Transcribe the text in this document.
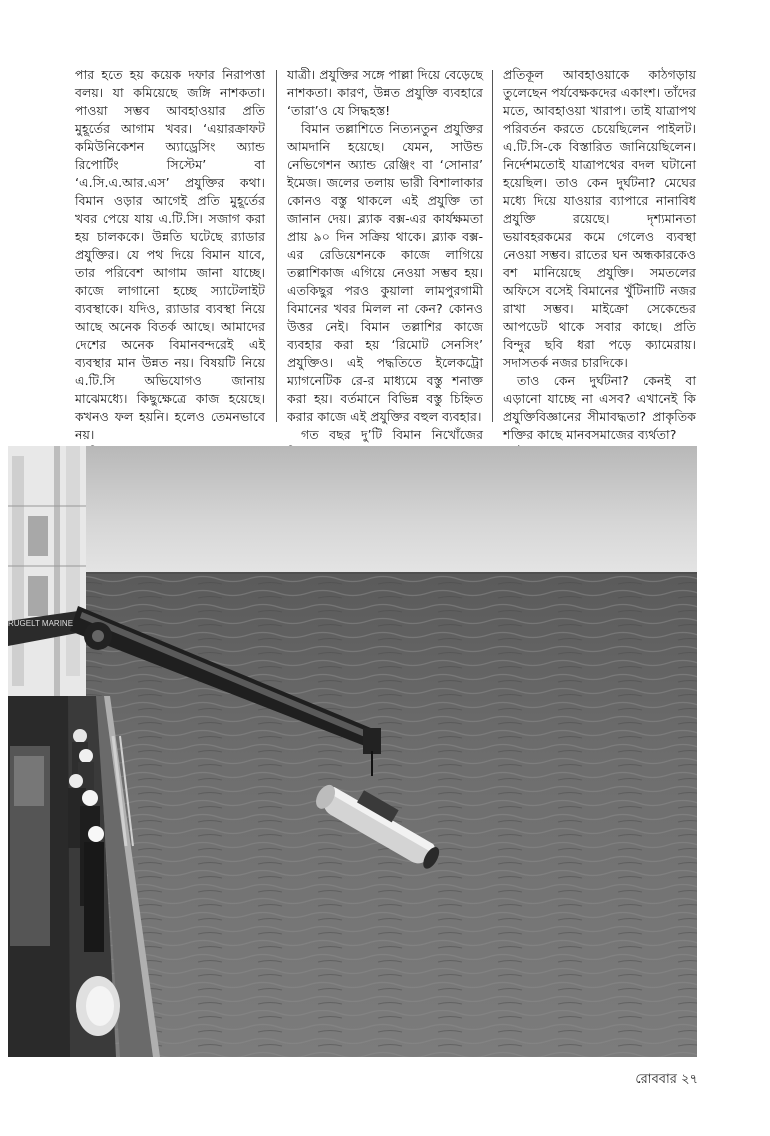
পার হতে হয় কয়েক দফার নিরাপত্তা বলয়। যা কমিয়েছে জঙ্গি নাশকতা। পাওয়া সম্ভব আবহাওয়ার প্রতি মুহূর্তের আগাম খবর। ‘এয়ারক্রাফট কমিউনিকেশন অ্যাড্রেসিং অ্যান্ড রিপোর্টিং সিস্টেম’ বা ‘এ.সি.এ.আর.এস’ প্রযুক্তির কথা। বিমান ওড়ার আগেই প্রতি মুহূর্তের খবর পেয়ে যায় এ.টি.সি। সজাগ করা হয় চালককে। উন্নতি ঘটেছে র‌্যাডার প্রযুক্তির। যে পথ দিয়ে বিমান যাবে, তার পরিবেশ আগাম জানা যাচ্ছে। কাজে লাগানো হচ্ছে স্যাটেলাইট ব্যবস্থাকে। যদিও, র‌্যাডার ব্যবস্থা নিয়ে আছে অনেক বিতর্ক আছে। আমাদের দেশের অনেক বিমানবন্দরেই এই ব্যবস্থার মান উন্নত নয়। বিষয়টি নিয়ে এ.টি.সি অভিযোগও জানায় মাঝেমধ্যে। কিছুক্ষেত্রে কাজ হয়েছে। কখনও ফল হয়নি। হলেও তেমনভাবে নয়।

যাত্রী। প্রযুক্তির সঙ্গে পাল্লা দিয়ে বেড়েছে নাশকতা। কারণ, উন্নত প্রযুক্তি ব্যবহারে ‘তারা’ও যে সিদ্ধহস্ত!

বিমান তল্লাশিতে নিত্যনতুন প্রযুক্তির আমদানি হয়েছে। যেমন, সাউন্ড নেভিগেশন অ্যান্ড রেঞ্জিং বা ‘সোনার’ ইমেজ। জলের তলায় ভারী বিশালাকার কোনও বস্তু থাকলে এই প্রযুক্তি তা জানান দেয়। ব্ল্যাক বক্স-এর কার্যক্ষমতা প্রায় ৯০ দিন সক্রিয় থাকে। ব্ল্যাক বক্স-এর রেডিয়েশনকে কাজে লাগিয়ে তল্লাশিকাজ এগিয়ে নেওয়া সম্ভব হয়। এতকিছুর পরও কুয়ালা লামপুরগামী বিমানের খবর মিলল না কেন? কোনও উত্তর নেই। বিমান তল্লাশির কাজে ব্যবহার করা হয় ‘রিমোট সেনসিং’ প্রযুক্তিও। এই পদ্ধতিতে ইলেকট্রো ম্যাগনেটিক রে-র মাধ্যমে বস্তু শনাক্ত করা হয়। বর্তমানে বিভিন্ন বস্তু চিহ্নিত করার কাজে এই প্রযুক্তির বহুল ব্যবহার।

গত বছর দু’টি বিমান নিখোঁজের

প্রতিকূল আবহাওয়াকে কাঠগড়ায় তুলেছেন পর্যবেক্ষকদের একাংশ। তাঁদের মতে, আবহাওয়া খারাপ। তাই যাত্রাপথ পরিবর্তন করতে চেয়েছিলেন পাইলট। এ.টি.সি-কে বিস্তারিত জানিয়েছিলেন। নির্দেশমতোই যাত্রাপথের বদল ঘটানো হয়েছিল। তাও কেন দুর্ঘটনা? মেঘের মধ্যে দিয়ে যাওয়ার ব্যাপারে নানাবিধ প্রযুক্তি রয়েছে। দৃশ্যমানতা ভয়াবহরকমের কমে গেলেও ব্যবস্থা নেওয়া সম্ভব। রাতের ঘন অন্ধকারকেও বশ মানিয়েছে প্রযুক্তি। সমতলের অফিসে বসেই বিমানের খুঁটিনাটি নজর রাখা সম্ভব। মাইক্রো সেকেন্ডের আপডেট থাকে সবার কাছে। প্রতি বিন্দুর ছবি ধরা পড়ে ক্যামেরায়। সদাসতর্ক নজর চারদিকে।

তাও কেন দুর্ঘটনা? কেনই বা এড়ানো যাচ্ছে না এসব? এখানেই কি প্রযুক্তিবিজ্ঞানের সীমাবদ্ধতা? প্রাকৃতিক শক্তির কাছে মানবসমাজের ব্যর্থতা?

RUGELT MARINE
রোববার ২৭
